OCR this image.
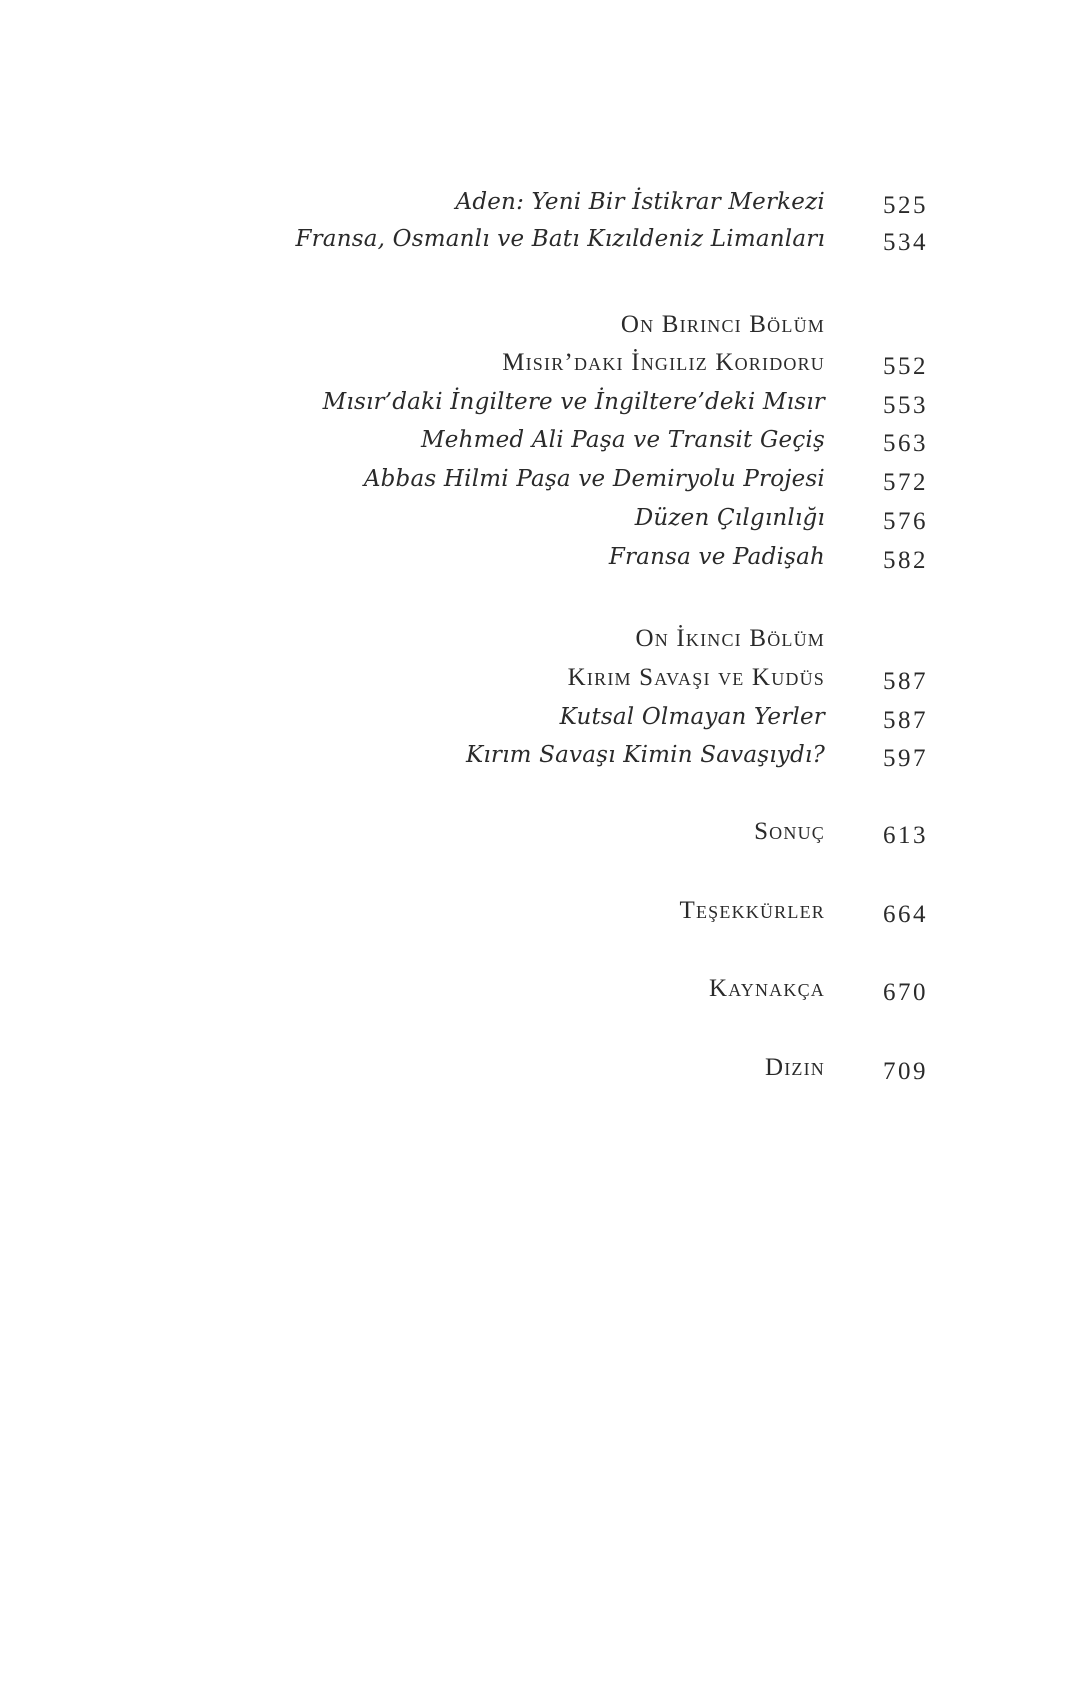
Aden: Yeni Bir İstikrar Merkezi 525
Fransa, Osmanlı ve Batı Kızıldeniz Limanları 534
On Birinci Bölüm
Mısır’daki İngiliz Koridoru 552
Mısır’daki İngiltere ve İngiltere’deki Mısır 553
Mehmed Ali Paşa ve Transit Geçiş 563
Abbas Hilmi Paşa ve Demiryolu Projesi 572
Düzen Çılgınlığı 576
Fransa ve Padişah 582
On İkinci Bölüm
Kırım Savaşı ve Kudüs 587
Kutsal Olmayan Yerler 587
Kırım Savaşı Kimin Savaşıydı? 597
Sonuç 613
Teşekkürler 664
Kaynakça 670
Dizin 709
